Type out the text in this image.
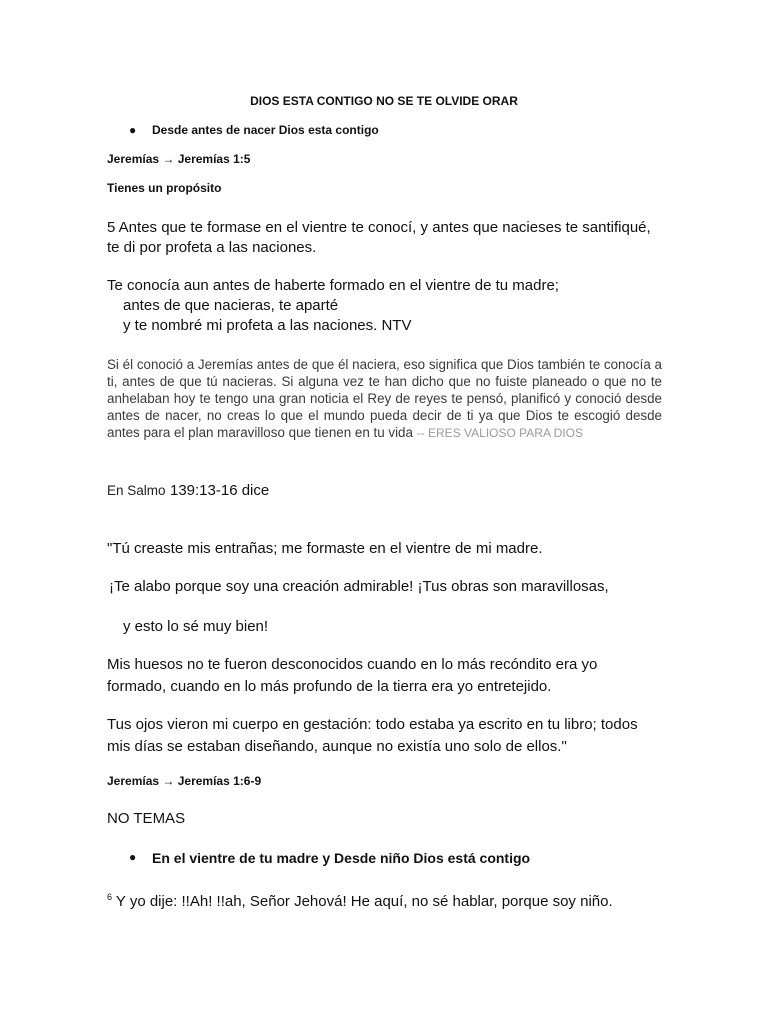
DIOS ESTA CONTIGO NO SE TE OLVIDE ORAR
● Desde antes de nacer Dios esta contigo
Jeremías → Jeremías 1:5
Tienes un propósito
5 Antes que te formase en el vientre te conocí, y antes que nacieses te santifiqué,
te di por profeta a las naciones.
Te conocía aun antes de haberte formado en el vientre de tu madre;
antes de que nacieras, te aparté
y te nombré mi profeta a las naciones. NTV
Si él conoció a Jeremías antes de que él naciera, eso significa que Dios también te conocía a ti, antes de que tú nacieras. Si alguna vez te han dicho que no fuiste planeado o que no te anhelaban hoy te tengo una gran noticia el Rey de reyes te pensó, planificó y conoció desde antes de nacer, no creas lo que el mundo pueda decir de ti ya que Dios te escogió desde antes para el plan maravilloso que tienen en tu vida -- ERES VALIOSO PARA DIOS
En Salmo 139:13-16 dice
"Tú creaste mis entrañas; me formaste en el vientre de mi madre.
¡Te alabo porque soy una creación admirable! ¡Tus obras son maravillosas,
y esto lo sé muy bien!
Mis huesos no te fueron desconocidos cuando en lo más recóndito era yo
formado, cuando en lo más profundo de la tierra era yo entretejido.
Tus ojos vieron mi cuerpo en gestación: todo estaba ya escrito en tu libro; todos
mis días se estaban diseñando, aunque no existía uno solo de ellos."
Jeremías → Jeremías 1:6-9
NO TEMAS
● En el vientre de tu madre y Desde niño Dios está contigo
$^6$ Y yo dije: !!Ah! !!ah, Señor Jehová! He aquí, no sé hablar, porque soy niño.
